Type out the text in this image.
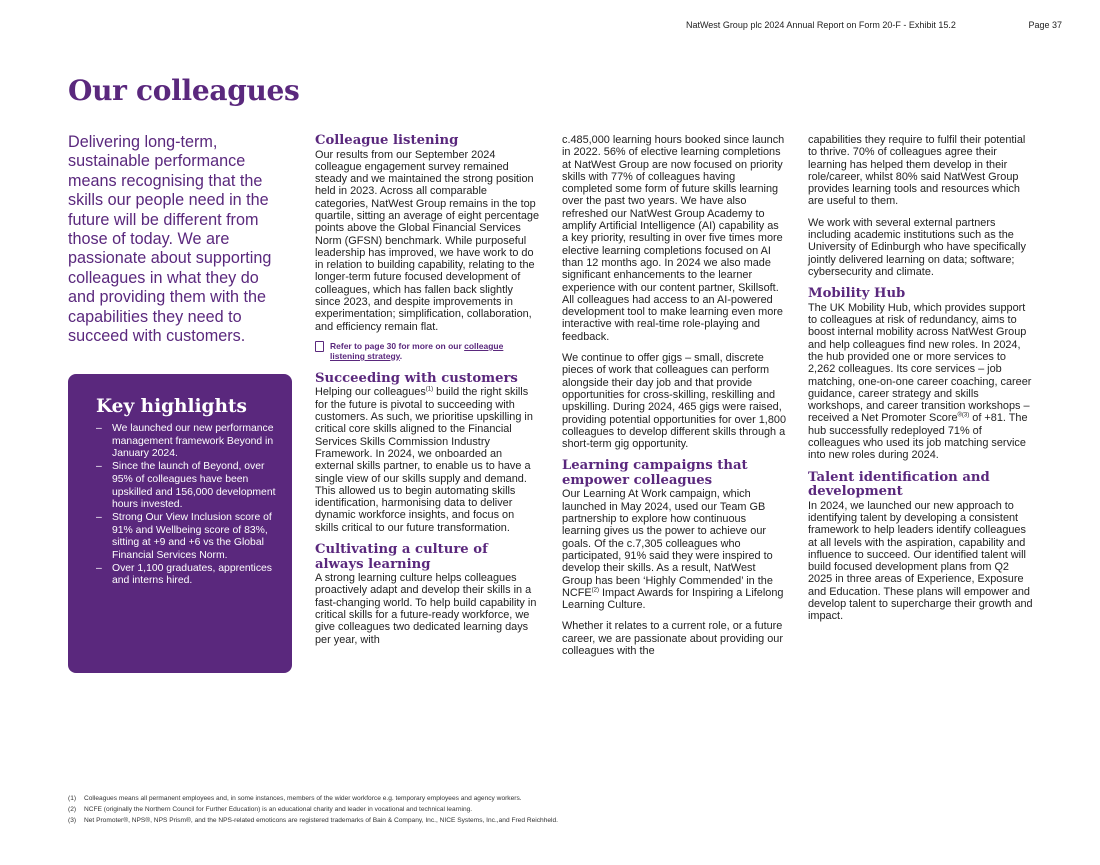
NatWest Group plc 2024 Annual Report on Form 20-F - Exhibit 15.2	Page 37
Our colleagues
Delivering long-term, sustainable performance means recognising that the skills our people need in the future will be different from those of today. We are passionate about supporting colleagues in what they do and providing them with the capabilities they need to succeed with customers.
Key highlights
– We launched our new performance management framework Beyond in January 2024.
– Since the launch of Beyond, over 95% of colleagues have been upskilled and 156,000 development hours invested.
– Strong Our View Inclusion score of 91% and Wellbeing score of 83%, sitting at +9 and +6 vs the Global Financial Services Norm.
– Over 1,100 graduates, apprentices and interns hired.
Colleague listening

Our results from our September 2024 colleague engagement survey remained steady and we maintained the strong position held in 2023. Across all comparable categories, NatWest Group remains in the top quartile, sitting an average of eight percentage points above the Global Financial Services Norm (GFSN) benchmark. While purposeful leadership has improved, we have work to do in relation to building capability, relating to the longer-term future focused development of colleagues, which has fallen back slightly since 2023, and despite improvements in experimentation; simplification, collaboration, and efficiency remain flat.

Refer to page 30 for more on our colleague listening strategy.
Succeeding with customers

Helping our colleagues$^{(1)}$ build the right skills for the future is pivotal to succeeding with customers. As such, we prioritise upskilling in critical core skills aligned to the Financial Services Skills Commission Industry Framework. In 2024, we onboarded an external skills partner, to enable us to have a single view of our skills supply and demand. This allowed us to begin automating skills identification, harmonising data to deliver dynamic workforce insights, and focus on skills critical to our future transformation.

Cultivating a culture of always learning

A strong learning culture helps colleagues proactively adapt and develop their skills in a fast-changing world. To help build capability in critical skills for a future-ready workforce, we give colleagues two dedicated learning days per year, with

c.485,000 learning hours booked since launch in 2022. 56% of elective learning completions at NatWest Group are now focused on priority skills with 77% of colleagues having completed some form of future skills learning over the past two years. We have also refreshed our NatWest Group Academy to amplify Artificial Intelligence (AI) capability as a key priority, resulting in over five times more elective learning completions focused on AI than 12 months ago. In 2024 we also made significant enhancements to the learner experience with our content partner, Skillsoft. All colleagues had access to an AI-powered development tool to make learning even more interactive with real-time role-playing and feedback.

We continue to offer gigs – small, discrete pieces of work that colleagues can perform alongside their day job and that provide opportunities for cross-skilling, reskilling and upskilling. During 2024, 465 gigs were raised, providing potential opportunities for over 1,800 colleagues to develop different skills through a short-term gig opportunity.

Learning campaigns that empower colleagues

Our Learning At Work campaign, which launched in May 2024, used our Team GB partnership to explore how continuous learning gives us the power to achieve our goals. Of the c.7,305 colleagues who participated, 91% said they were inspired to develop their skills. As a result, NatWest Group has been ‘Highly Commended’ in the NCFE$^{(2)}$ Impact Awards for Inspiring a Lifelong Learning Culture.

Whether it relates to a current role, or a future career, we are passionate about providing our colleagues with the

capabilities they require to fulfil their potential to thrive. 70% of colleagues agree their learning has helped them develop in their role/career, whilst 80% said NatWest Group provides learning tools and resources which are useful to them.

We work with several external partners including academic institutions such as the University of Edinburgh who have specifically jointly delivered learning on data; software; cybersecurity and climate.

Mobility Hub

The UK Mobility Hub, which provides support to colleagues at risk of redundancy, aims to boost internal mobility across NatWest Group and help colleagues find new roles. In 2024, the hub provided one or more services to 2,262 colleagues. Its core services – job matching, one-on-one career coaching, career guidance, career strategy and skills workshops, and career transition workshops – received a Net Promoter Score$^{®(3)}$ of +81. The hub successfully redeployed 71% of colleagues who used its job matching service into new roles during 2024.

Talent identification and development

In 2024, we launched our new approach to identifying talent by developing a consistent framework to help leaders identify colleagues at all levels with the aspiration, capability and influence to succeed. Our identified talent will build focused development plans from Q2 2025 in three areas of Experience, Exposure and Education. These plans will empower and develop talent to supercharge their growth and impact.

(1) Colleagues means all permanent employees and, in some instances, members of the wider workforce e.g. temporary employees and agency workers.
(2) NCFE (originally the Northern Council for Further Education) is an educational charity and leader in vocational and technical learning.
(3) Net Promoter®, NPS®, NPS Prism®, and the NPS-related emoticons are registered trademarks of Bain & Company, Inc., NICE Systems, Inc.,and Fred Reichheld.
